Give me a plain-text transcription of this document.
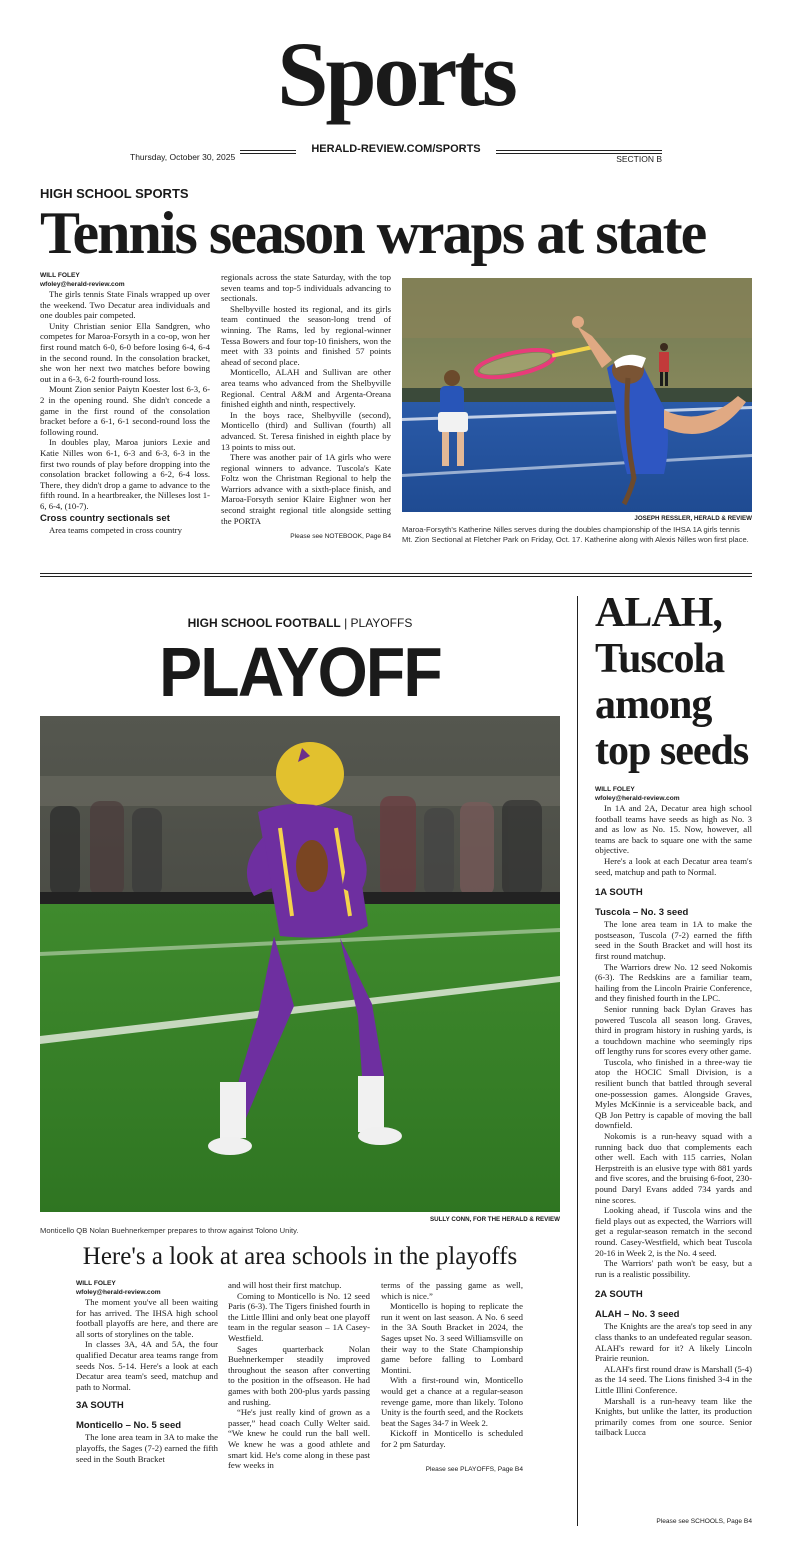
Sports
Thursday, October 30, 2025
HERALD-REVIEW.COM/SPORTS
SECTION B
HIGH SCHOOL SPORTS
Tennis season wraps at state
WILL FOLEY
wfoley@herald-review.com

The girls tennis State Finals wrapped up over the weekend. Two Decatur area individuals and one doubles pair competed.

Unity Christian senior Ella Sandgren, who competes for Maroa-Forsyth in a co-op, won her first round match 6-0, 6-0 before losing 6-4, 6-4 in the second round. In the consolation bracket, she won her next two matches before bowing out in a 6-3, 6-2 fourth-round loss.

Mount Zion senior Paiytn Koester lost 6-3, 6-2 in the opening round. She didn't concede a game in the first round of the consolation bracket before a 6-1, 6-1 second-round loss the following round.

In doubles play, Maroa juniors Lexie and Katie Nilles won 6-1, 6-3 and 6-3, 6-3 in the first two rounds of play before dropping into the consolation bracket following a 6-2, 6-4 loss. There, they didn't drop a game to advance to the fifth round. In a heartbreaker, the Nilleses lost 1-6, 6-4, (10-7).

Cross country sectionals set

Area teams competed in cross country

regionals across the state Saturday, with the top seven teams and top-5 individuals advancing to sectionals.

Shelbyville hosted its regional, and its girls team continued the season-long trend of winning. The Rams, led by regional-winner Tessa Bowers and four top-10 finishers, won the meet with 33 points and finished 57 points ahead of second place.

Monticello, ALAH and Sullivan are other area teams who advanced from the Shelbyville Regional. Central A&M and Argenta-Oreana finished eighth and ninth, respectively.

In the boys race, Shelbyville (second), Monticello (third) and Sullivan (fourth) all advanced. St. Teresa finished in eighth place by 13 points to miss out.

There was another pair of 1A girls who were regional winners to advance. Tuscola's Kate Foltz won the Christman Regional to help the Warriors advance with a sixth-place finish, and Maroa-Forsyth senior Klaire Eighner won her second straight regional title alongside setting the PORTA

Please see NOTEBOOK, Page B4
JOSEPH RESSLER, HERALD & REVIEW
Maroa-Forsyth's Katherine Nilles serves during the doubles championship of the IHSA 1A girls tennis Mt. Zion Sectional at Fletcher Park on Friday, Oct. 17. Katherine along with Alexis Nilles won first place.
HIGH SCHOOL FOOTBALL | PLAYOFFS
PLAYOFF
SULLY CONN, FOR THE HERALD & REVIEW
Monticello QB Nolan Buehnerkemper prepares to throw against Tolono Unity.
Here's a look at area schools in the playoffs
WILL FOLEY
wfoley@herald-review.com

The moment you've all been waiting for has arrived. The IHSA high school football playoffs are here, and there are all sorts of storylines on the table.

In classes 3A, 4A and 5A, the four qualified Decatur area teams range from seeds Nos. 5-14. Here's a look at each Decatur area team's seed, matchup and path to Normal.

3A SOUTH
Monticello – No. 5 seed

The lone area team in 3A to make the playoffs, the Sages (7-2) earned the fifth seed in the South Bracket

and will host their first matchup.

Coming to Monticello is No. 12 seed Paris (6-3). The Tigers finished fourth in the Little Illini and only beat one playoff team in the regular season – 1A Casey-Westfield.

Sages quarterback Nolan Buehnerkemper steadily improved throughout the season after converting to the position in the offseason. He had games with both 200-plus yards passing and rushing.

“He's just really kind of grown as a passer,” head coach Cully Welter said. “We knew he could run the ball well. We knew he was a good athlete and smart kid. He's come along in these past few weeks in

terms of the passing game as well, which is nice.”

Monticello is hoping to replicate the run it went on last season. A No. 6 seed in the 3A South Bracket in 2024, the Sages upset No. 3 seed Williamsville on their way to the State Championship game before falling to Lombard Montini.

With a first-round win, Monticello would get a chance at a regular-season revenge game, more than likely. Tolono Unity is the fourth seed, and the Rockets beat the Sages 34-7 in Week 2.

Kickoff in Monticello is scheduled for 2 pm Saturday.

Please see PLAYOFFS, Page B4
ALAH, Tuscola among top seeds
WILL FOLEY
wfoley@herald-review.com

In 1A and 2A, Decatur area high school football teams have seeds as high as No. 3 and as low as No. 15. Now, however, all teams are back to square one with the same objective.

Here's a look at each Decatur area team's seed, matchup and path to Normal.

1A SOUTH
Tuscola – No. 3 seed

The lone area team in 1A to make the postseason, Tuscola (7-2) earned the fifth seed in the South Bracket and will host its first round matchup.

The Warriors drew No. 12 seed Nokomis (6-3). The Redskins are a familiar team, hailing from the Lincoln Prairie Conference, and they finished fourth in the LPC.

Senior running back Dylan Graves has powered Tuscola all season long. Graves, third in program history in rushing yards, is a touchdown machine who seemingly rips off lengthy runs for scores every other game.

Tuscola, who finished in a three-way tie atop the HOCIC Small Division, is a resilient bunch that battled through several one-possession games. Alongside Graves, Myles McKinnie is a serviceable back, and QB Jon Pettry is capable of moving the ball downfield.

Nokomis is a run-heavy squad with a running back duo that complements each other well. Each with 115 carries, Nolan Herpstreith is an elusive type with 881 yards and five scores, and the bruising 6-foot, 230-pound Daryl Evans added 734 yards and nine scores.

Looking ahead, if Tuscola wins and the field plays out as expected, the Warriors will get a regular-season rematch in the second round. Casey-Westfield, which beat Tuscola 20-16 in Week 2, is the No. 4 seed.

The Warriors' path won't be easy, but a run is a realistic possibility.

2A SOUTH
ALAH – No. 3 seed

The Knights are the area's top seed in any class thanks to an undefeated regular season. ALAH's reward for it? A likely Lincoln Prairie reunion.

ALAH's first round draw is Marshall (5-4) as the 14 seed. The Lions finished 3-4 in the Little Illini Conference.

Marshall is a run-heavy team like the Knights, but unlike the latter, its production primarily comes from one source. Senior tailback Lucca

Please see SCHOOLS, Page B4
